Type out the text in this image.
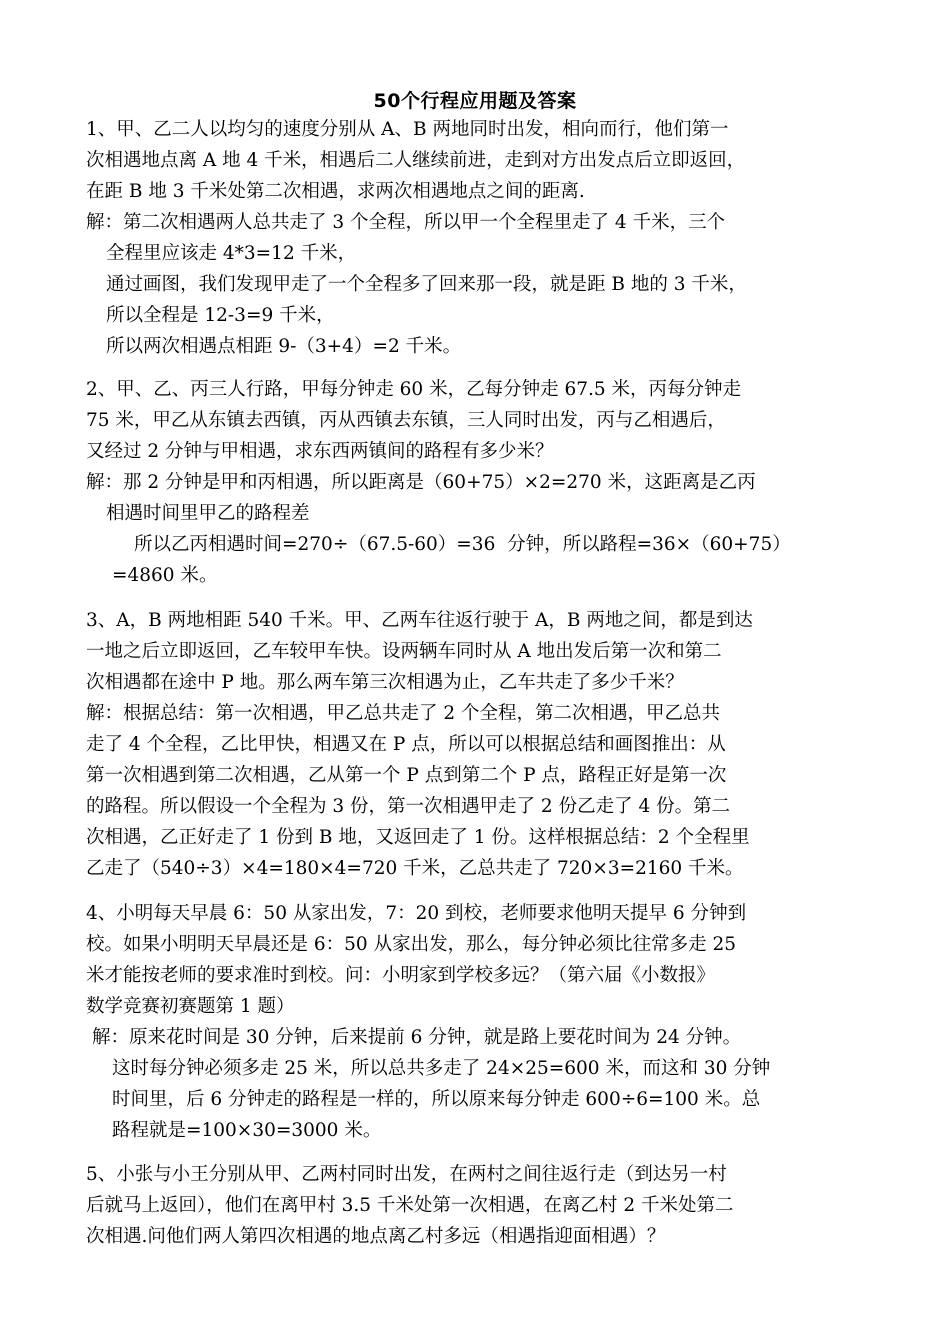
50个行程应用题及答案
1、甲、乙二人以均匀的速度分别从 A、B 两地同时出发，相向而行，他们第一
次相遇地点离 A 地 4 千米，相遇后二人继续前进，走到对方出发点后立即返回，
在距 B 地 3 千米处第二次相遇，求两次相遇地点之间的距离.
解：第二次相遇两人总共走了 3 个全程，所以甲一个全程里走了 4 千米，三个
全程里应该走 4*3=12 千米，
通过画图，我们发现甲走了一个全程多了回来那一段，就是距 B 地的 3 千米，
所以全程是 12-3=9 千米，
所以两次相遇点相距 9-（3+4）=2 千米。
2、甲、乙、丙三人行路，甲每分钟走 60 米，乙每分钟走 67.5 米，丙每分钟走
75 米，甲乙从东镇去西镇，丙从西镇去东镇，三人同时出发，丙与乙相遇后，
又经过 2 分钟与甲相遇，求东西两镇间的路程有多少米？
解：那 2 分钟是甲和丙相遇，所以距离是（60+75）×2=270 米，这距离是乙丙
相遇时间里甲乙的路程差
所以乙丙相遇时间=270÷（67.5-60）=36  分钟，所以路程=36×（60+75）
=4860 米。
3、A，B 两地相距 540 千米。甲、乙两车往返行驶于 A，B 两地之间，都是到达
一地之后立即返回，乙车较甲车快。设两辆车同时从 A 地出发后第一次和第二
次相遇都在途中 P 地。那么两车第三次相遇为止，乙车共走了多少千米？
解：根据总结：第一次相遇，甲乙总共走了 2 个全程，第二次相遇，甲乙总共
走了 4 个全程，乙比甲快，相遇又在 P 点，所以可以根据总结和画图推出：从
第一次相遇到第二次相遇，乙从第一个 P 点到第二个 P 点，路程正好是第一次
的路程。所以假设一个全程为 3 份，第一次相遇甲走了 2 份乙走了 4 份。第二
次相遇，乙正好走了 1 份到 B 地，又返回走了 1 份。这样根据总结：2 个全程里
乙走了（540÷3）×4=180×4=720 千米，乙总共走了 720×3=2160 千米。
4、小明每天早晨 6：50 从家出发，7：20 到校，老师要求他明天提早 6 分钟到
校。如果小明明天早晨还是 6：50 从家出发，那么，每分钟必须比往常多走 25
米才能按老师的要求准时到校。问：小明家到学校多远？（第六届《小数报》
数学竞赛初赛题第 1 题）
解：原来花时间是 30 分钟，后来提前 6 分钟，就是路上要花时间为 24 分钟。
这时每分钟必须多走 25 米，所以总共多走了 24×25=600 米，而这和 30 分钟
时间里，后 6 分钟走的路程是一样的，所以原来每分钟走 600÷6=100 米。总
路程就是=100×30=3000 米。
5、小张与小王分别从甲、乙两村同时出发，在两村之间往返行走（到达另一村
后就马上返回），他们在离甲村 3.5 千米处第一次相遇，在离乙村 2 千米处第二
次相遇.问他们两人第四次相遇的地点离乙村多远（相遇指迎面相遇）？
